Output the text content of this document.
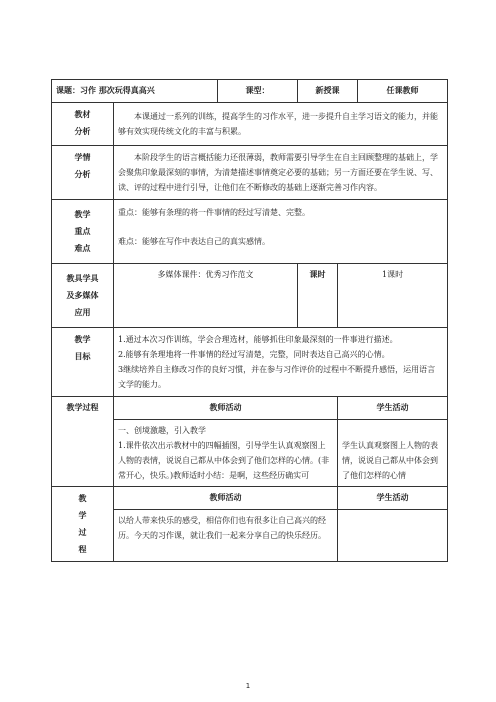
课题：习作 那次玩得真高兴		课型：	新授课		任课教师

教材
分析	本课通过一系列的训练，提高学生的习作水平，进一步提升自主学习语文的能力，并能够有效实现传统文化的丰富与积累。				

学情
分析	本阶段学生的语言概括能力还很薄弱，教师需要引导学生在自主回顾整理的基础上，学会聚焦印象最深刻的事情，为清楚描述事情奠定必要的基础；另一方面还要在学生说、写、读、评的过程中进行引导，让他们在不断修改的基础上逐渐完善习作内容。				

教学
重点
难点	重点：能够有条理的将一件事情的经过写清楚、完整。
难点：能够在写作中表达自己的真实感情。				

教具学具
及多媒体
应用	多媒体课件：优秀习作范文		课时	1课时	

教学
目标	1.通过本次习作训练，学会合理选材，能够抓住印象最深刻的一件事进行描述。
2.能够有条理地将一件事情的经过写清楚，完整，同时表达自己高兴的心情。
3继续培养自主修改习作的良好习惯，并在参与习作评价的过程中不断提升感悟，运用语言文学的能力。				

教学过程	教师活动			学生活动	

	一、创境激趣，引入教学
1.课件依次出示教材中的四幅插图，引导学生认真观察图上人物的表情，说说自己都从中体会到了他们怎样的心情。(非常开心，快乐。)教师适时小结：是啊，这些经历确实可			学生认真观察图上人物的表情，说说自己都从中体会到了他们怎样的心情	

教
学
过
程	教师活动			学生活动	
	以给人带来快乐的感受，相信你们也有很多让自己高兴的经历。今天的习作课，就让我们一起来分享自己的快乐经历。				
1
